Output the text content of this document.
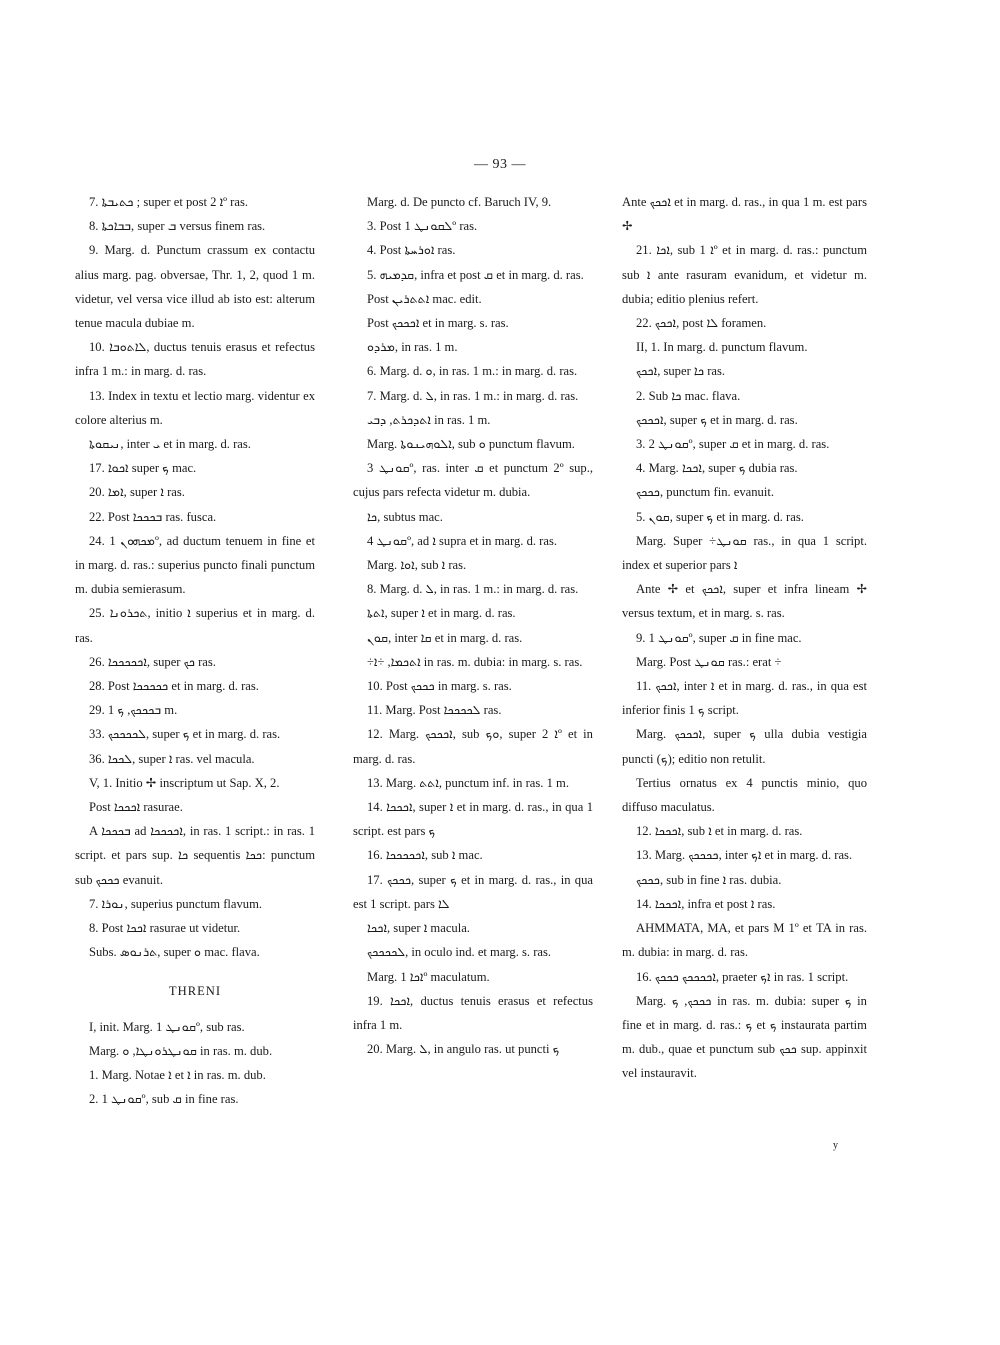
— 93 —

7. ܟܬܝܒܬܐ ; super et post ܐ 2º ras.

8. ܒܒܐܟܬܐ, super ܒ versus finem ras.

9. Marg. d. Punctum crassum ex contactu alius marg. pag. obversae, Thr. 1, 2, quod 1 m. videtur, vel versa vice illud ab isto est: alterum tenue macula dubiae m.

10. ܠܐܬܘܒܐ, ductus tenuis erasus et refectus infra 1 m.: in marg. d. ras.

13. Index in textu et lectio marg. videntur ex colore alterius m.

ܢܝܩܘܬܐ, inter ܝ et in marg. d. ras.

17. ܐܟܘܐ super ܟ mac.

20. ܐܡܐ, super ܐ ras.

22. Post ܒܟܟܟܐ ras. fusca.

24. ܡܟܗܘܢ 1º, ad ductum tenuem in fine et in marg. d. ras.: superius puncto finali punctum m. dubia semierasum.

25. ܬܟܪܘܢܐ, initio ܐ superius et in marg. d. ras.

26. ܐܟܟܟܟܟܐ, super ܟܟ ras.

28. Post ܟܟܟܟܟܐ et in marg. d. ras.

29. ܒܟܟܟܟ, ܟ 1 m.

33. ܠܟܟܟܟܟ, super ܟ et in marg. d. ras.

36. ܠܟܟܐ, super ܐ ras. vel macula.

V, 1. Initio ✢ inscriptum ut Sap. X, 2.

Post ܐܟܟܟܐ rasurae.

A ܒܟܟܟܐ ad ܐܟܟܟܟܐ, in ras. 1 script.: in ras. 1 script. et pars sup. ܟܐ sequentis ܟܟܐ: punctum sub ܟܟܟܟ evanuit.

7. ܢܘܪܐ, superius punctum flavum.

8. Post ܐܟܟܐ rasurae ut videtur.

Subs. ܬܪܢܘܣ, super ܘ mac. flava.

THRENI

I, init. Marg. ܩܘܢܛ 1º, sub ras.

Marg. ܩܘܢܛܪܘܢܛܐ, ܘ in ras. m. dub.

1. Marg. Notae ܐ et ܐ in ras. m. dub.

2. ܩܘܢܛ 1º, sub ܩ in fine ras.

Marg. d. De puncto cf. Baruch IV, 9.

3. Post ܠܩܘܢܛ 1º ras.

4. Post ܐܘܪܚܬܐ ras.

5. ܩܕܡܝܗ, infra et post ܩ et in marg. d. ras.

Post ܐܬܬܪܝܢ mac. edit.

Post ܐܟܟܟܟ et in marg. s. ras.

ܡܪܕܘ, in ras. 1 m.

6. Marg. d. ܘ, in ras. 1 m.: in marg. d. ras.

7. Marg. d. ܠ, in ras. 1 m.: in marg. d. ras.

ܐܬܕܟܪܬ, ܕܒܝ in ras. 1 m.

Marg. ܐܠܘܗܝܢܘܬܐ, sub ܘ punctum flavum.

ܩܘܢܛ 3º, ras. inter ܩ et punctum 2º sup., cujus pars refecta videtur m. dubia.

ܟܐ, subtus mac.

ܩܘܢܛ 4º, ad ܐ supra et in marg. d. ras.

Marg. ܐܘܐ, sub ܐ ras.

8. Marg. d. ܠ, in ras. 1 m.: in marg. d. ras.

ܐܬܬܐ, super ܐ et in marg. d. ras.

ܩܘܢ, inter ܩܐ et in marg. d. ras.

÷ܐܬܟܡܐ, ÷ܐ in ras. m. dubia: in marg. s. ras.

10. Post ܟܟܟܟ in marg. s. ras.

11. Marg. Post ܠܟܟܟܟܐ ras.

12. Marg. ܐܟܟܟܟ, sub ܘܟ, super ܐ 2º et in marg. d. ras.

13. Marg. ܐܬܬ, punctum inf. in ras. 1 m.

14. ܐܟܟܟܐ, super ܐ et in marg. d. ras., in qua 1 script. est pars ܟ

16. ܐܟܟܟܟܟܐ, sub ܐ mac.

17. ܟܟܟܟ, super ܟ et in marg. d. ras., in qua est 1 script. pars ܠܐ

ܐܟܟܐ, super ܐ macula.

ܠܟܟܟܟܟ, in oculo ind. et marg. s. ras.

Marg. ܐܟܐ 1º maculatum.

19. ܐܟܟܐ, ductus tenuis erasus et refectus infra 1 m.

20. Marg. ܠ, in angulo ras. ut puncti ܟ

Ante ܐܟܟܟ et in marg. d. ras., in qua 1 m. est pars ✢

21. ܐܟܐ, sub ܐ 1º et in marg. d. ras.: punctum sub ܐ ante rasuram evanidum, et videtur m. dubia; editio plenius refert.

22. ܐܟܟܟ, post ܠܐ foramen.

II, 1. In marg. d. punctum flavum.

ܐܟܟܟ, super ܟܐ ras.

2. Sub ܟܐ mac. flava.

ܐܟܟܟܟ, super ܟ et in marg. d. ras.

3. ܩܘܢܛ 2º, super ܩ et in marg. d. ras.

4. Marg. ܐܟܟܐ, super ܟ dubia ras.

ܟܟܟܟ, punctum fin. evanuit.

5. ܩܘܢ, super ܟ et in marg. d. ras.

Marg. Super ÷ܩܘܢܛ ras., in qua 1 script. index et superior pars ܐ

Ante ✢ et ܐܟܟܟ, super et infra lineam ✢ versus textum, et in marg. s. ras.

9. ܩܘܢܛ 1º, super ܩ in fine mac.

Marg. Post ܩܘܢܛ ras.: erat ÷

11. ܐܟܟܟ, inter ܐ et in marg. d. ras., in qua est inferior finis ܟ 1 script.

Marg. ܐܟܟܟܟ, super ܟ ulla dubia vestigia puncti (ܟ); editio non retulit.

Tertius ornatus ex 4 punctis minio, quo diffuso maculatus.

12. ܐܟܟܟܐ, sub ܐ et in marg. d. ras.

13. Marg. ܟܟܟܟܟ, inter ܐܟ et in marg. d. ras.

ܟܟܟܟ, sub in fine ܐ ras. dubia.

14. ܐܟܟܟܐ, infra et post ܐ ras.

ΑΗΜΜΑΤΑ, ΜΑ, et pars Μ 1º et ΤΑ in ras. m. dubia: in marg. d. ras.

16. ܐܟܟܟܟܟ ܟܟܟܟ, praeter ܐܟ in ras. 1 script.

Marg. ܟܟܟܟ, ܟ in ras. m. dubia: super ܟ in fine et in marg. d. ras.: ܟ et ܟ instaurata partim m. dub., quae et punctum sub ܟܟܟ sup. appinxit vel instauravit.

y
